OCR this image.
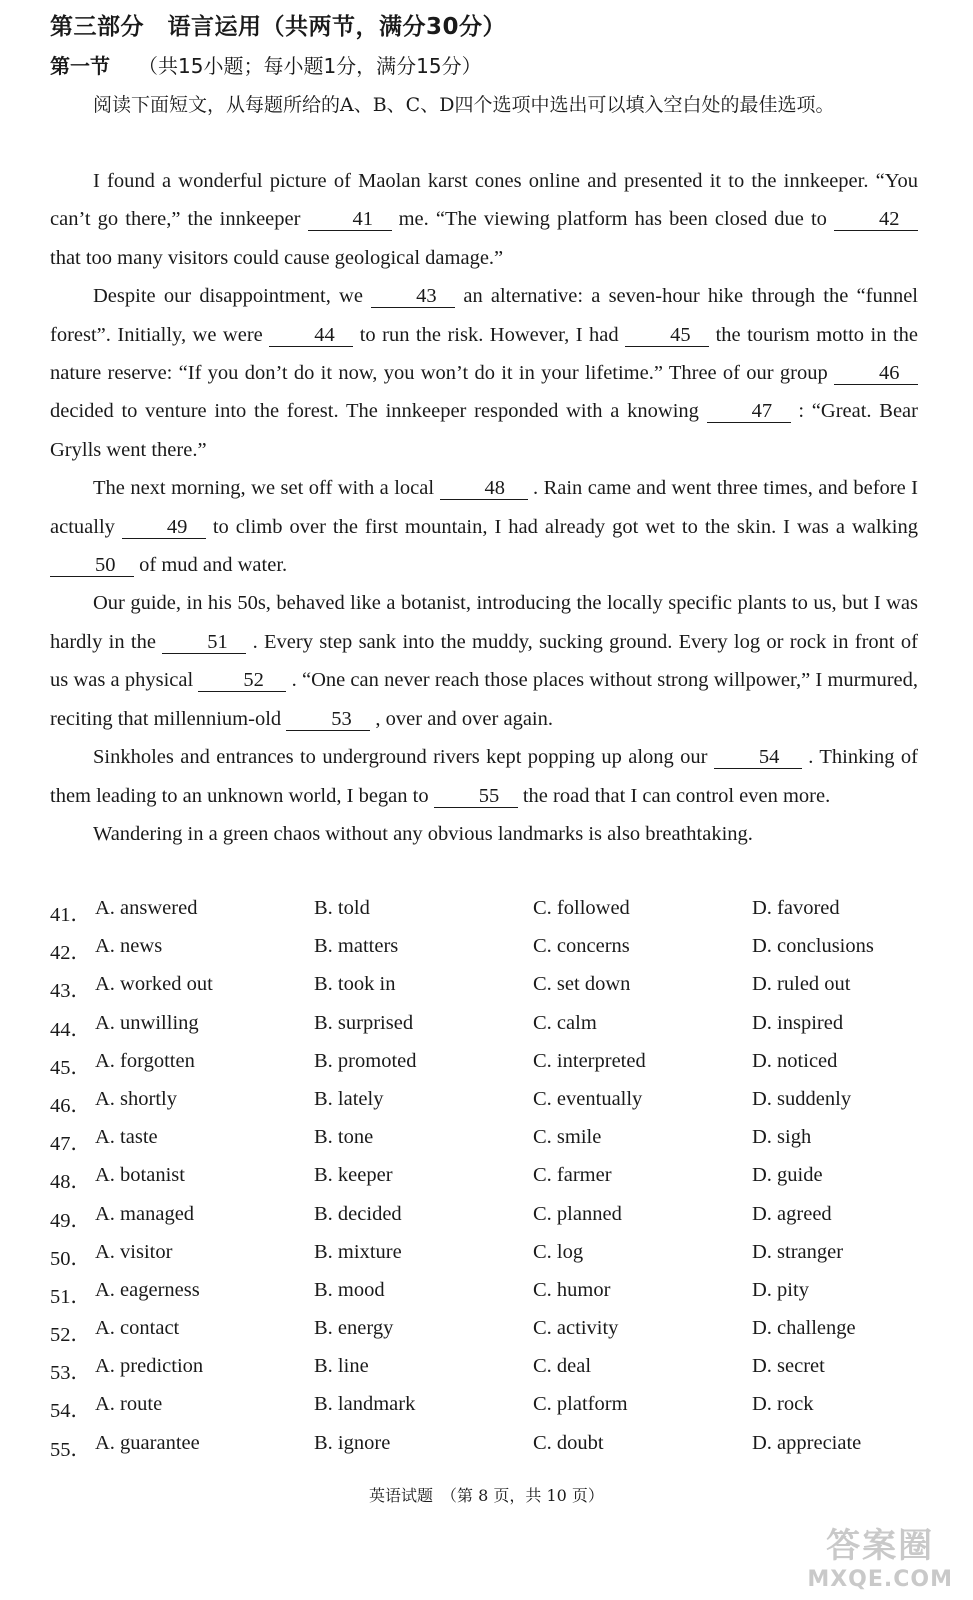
第三部分　语言运用（共两节，满分30分）
第一节 （共15小题；每小题1分，满分15分）

阅读下面短文，从每题所给的A、B、C、D四个选项中选出可以填入空白处的最佳选项。

I found a wonderful picture of Maolan karst cones online and presented it to the innkeeper. “You can’t go there,” the innkeeper 41 me. “The viewing platform has been closed due to 42 that too many visitors could cause geological damage.”

Despite our disappointment, we 43 an alternative: a seven-hour hike through the “funnel forest”. Initially, we were 44 to run the risk. However, I had 45 the tourism motto in the nature reserve: “If you don’t do it now, you won’t do it in your lifetime.” Three of our group 46 decided to venture into the forest. The innkeeper responded with a knowing 47 : “Great. Bear Grylls went there.”

The next morning, we set off with a local 48 . Rain came and went three times, and before I actually 49 to climb over the first mountain, I had already got wet to the skin. I was a walking 50 of mud and water.

Our guide, in his 50s, behaved like a botanist, introducing the locally specific plants to us, but I was hardly in the 51 . Every step sank into the muddy, sucking ground. Every log or rock in front of us was a physical 52 . “One can never reach those places without strong willpower,” I murmured, reciting that millennium-old 53 , over and over again.

Sinkholes and entrances to underground rivers kept popping up along our 54 . Thinking of them leading to an unknown world, I began to 55 the road that I can control even more.

Wandering in a green chaos without any obvious landmarks is also breathtaking.

41． A. answered	B. told	C. followed	D. favored
42． A. news	B. matters	C. concerns	D. conclusions
43． A. worked out	B. took in	C. set down	D. ruled out
44． A. unwilling	B. surprised	C. calm	D. inspired
45． A. forgotten	B. promoted	C. interpreted	D. noticed
46． A. shortly	B. lately	C. eventually	D. suddenly
47． A. taste	B. tone	C. smile	D. sigh
48． A. botanist	B. keeper	C. farmer	D. guide
49． A. managed	B. decided	C. planned	D. agreed
50． A. visitor	B. mixture	C. log	D. stranger
51． A. eagerness	B. mood	C. humor	D. pity
52． A. contact	B. energy	C. activity	D. challenge
53． A. prediction	B. line	C. deal	D. secret
54． A. route	B. landmark	C. platform	D. rock
55． A. guarantee	B. ignore	C. doubt	D. appreciate
英语试题　（第 8 页，共 10 页）
答案圈
MXQE.COM
